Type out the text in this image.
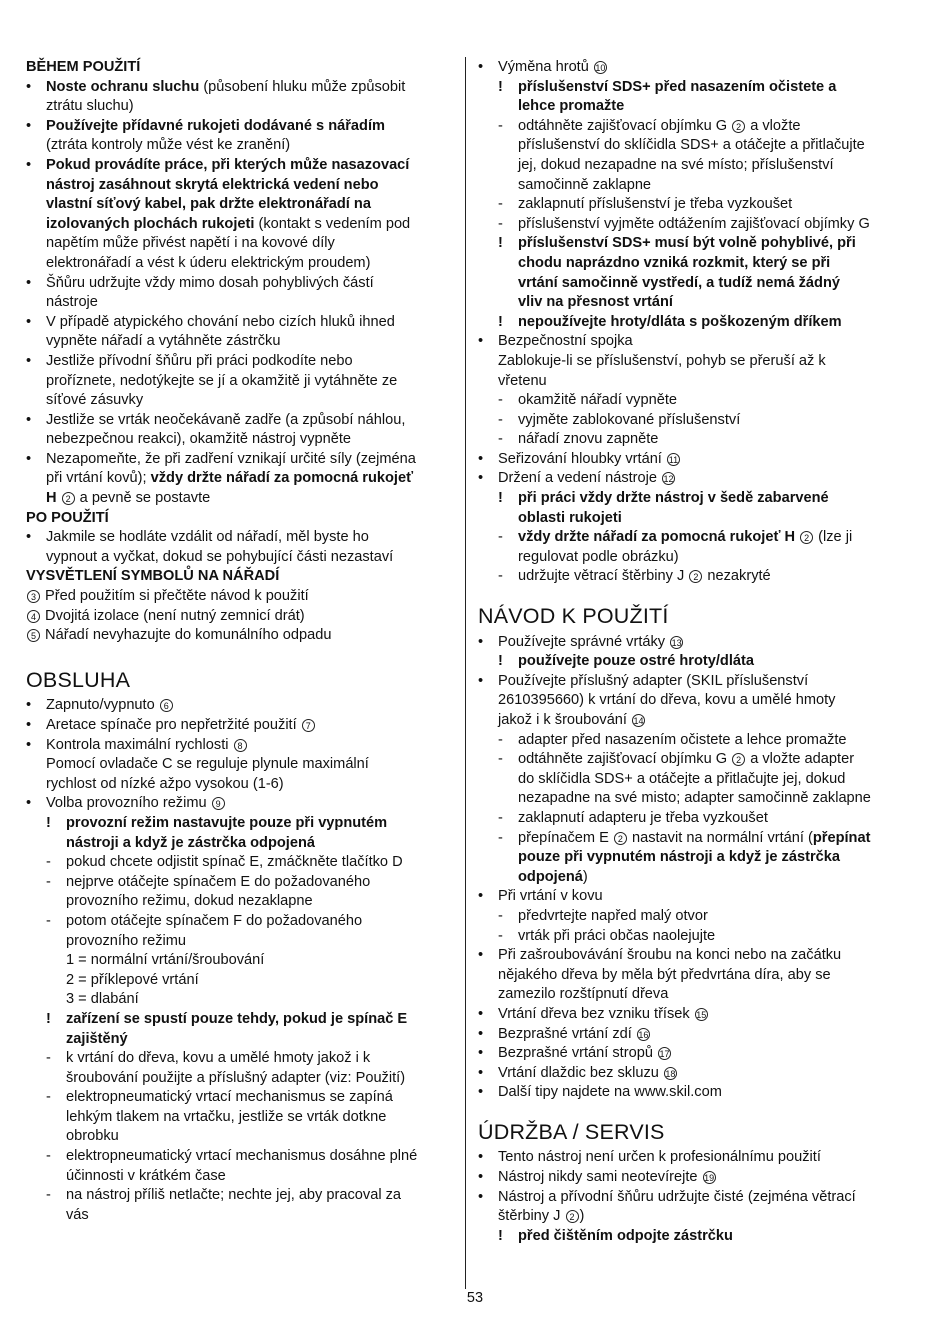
BĚHEM POUŽITÍ
• Noste ochranu sluchu (působení hluku může způsobit
ztrátu sluchu)
• Používejte přídavné rukojeti dodávané s nářadím
(ztráta kontroly může vést ke zranění)
• Pokud provádíte práce, při kterých může nasazovací
nástroj zasáhnout skrytá elektrická vedení nebo
vlastní síťový kabel, pak držte elektronářadí na
izolovaných plochách rukojeti (kontakt s vedením pod
napětím může přivést napětí i na kovové díly
elektronářadí a vést k úderu elektrickým proudem)
• Šňůru udržujte vždy mimo dosah pohyblivých částí
nástroje
• V případě atypického chování nebo cizích hluků ihned
vypněte nářadí a vytáhněte zástrčku
• Jestliže přívodní šňůru při práci podkodíte nebo
proříznete, nedotýkejte se jí a okamžitě ji vytáhněte ze
síťové zásuvky
• Jestliže se vrták neočekávaně zadře (a způsobí náhlou,
nebezpečnou reakci), okamžitě nástroj vypněte
• Nezapomeňte, že při zadření vznikají určité síly (zejména
při vrtání kovů); vždy držte nářadí za pomocná rukojeť
H 2 a pevně se postavte
PO POUŽITÍ
• Jakmile se hodláte vzdálit od nářadí, měl byste ho
vypnout a vyčkat, dokud se pohybující části nezastaví
VYSVĚTLENÍ SYMBOLŮ NA NÁŘADÍ
3 Před použitím si přečtěte návod k použití
4 Dvojitá izolace (není nutný zemnicí drát)
5 Nářadí nevyhazujte do komunálního odpadu
OBSLUHA
• Zapnuto/vypnuto 6
• Aretace spínače pro nepřetržité použití 7
• Kontrola maximální rychlosti 8
Pomocí ovladače C se reguluje plynule maximální
rychlost od nízké ažpo vysokou (1-6)
• Volba provozního režimu 9
! provozní režim nastavujte pouze při vypnutém
nástroji a když je zástrčka odpojená
- pokud chcete odjistit spínač E, zmáčkněte tlačítko D
- nejprve otáčejte spínačem E do požadovaného
provozního režimu, dokud nezaklapne
- potom otáčejte spínačem F do požadovaného
provozního režimu
1 = normální vrtání/šroubování
2 = příklepové vrtání
3 = dlabání
! zařízení se spustí pouze tehdy, pokud je spínač E
zajištěný
- k vrtání do dřeva, kovu a umělé hmoty jakož i k
šroubování použijte a příslušný adapter (viz: Použití)
- elektropneumatický vrtací mechanismus se zapíná
lehkým tlakem na vrtačku, jestliže se vrták dotkne
obrobku
- elektropneumatický vrtací mechanismus dosáhne plné
účinnosti v krátkém čase
- na nástroj příliš netlačte; nechte jej, aby pracoval za
vás
• Výměna hrotů 10
! příslušenství SDS+ před nasazením očistete a
lehce promažte
- odtáhněte zajišťovací objímku G 2 a vložte
příslušenství do sklíčidla SDS+ a otáčejte a přitlačujte
jej, dokud nezapadne na své místo; příslušenství
samočinně zaklapne
- zaklapnutí příslušenství je třeba vyzkoušet
- příslušenství vyjměte odtážením zajišťovací objímky G
! příslušenství SDS+ musí být volně pohyblivé, při
chodu naprázdno vzniká rozkmit, který se při
vrtání samočinně vystředí, a tudíž nemá žádný
vliv na přesnost vrtání
! nepoužívejte hroty/dláta s poškozeným dříkem
• Bezpečnostní spojka
Zablokuje-li se příslušenství, pohyb se přeruší až k
vřetenu
- okamžitě nářadí vypněte
- vyjměte zablokované příslušenství
- nářadí znovu zapněte
• Seřizování hloubky vrtání 11
• Držení a vedení nástroje 12
! při práci vždy držte nástroj v šedě zabarvené
oblasti rukojeti
- vždy držte nářadí za pomocná rukojeť H 2 (lze ji
regulovat podle obrázku)
- udržujte větrací štěrbiny J 2 nezakryté
NÁVOD K POUŽITÍ
• Používejte správné vrtáky 13
! používejte pouze ostré hroty/dláta
• Používejte příslušný adapter (SKIL příslušenství
2610395660) k vrtání do dřeva, kovu a umělé hmoty
jakož i k šroubování 14
- adapter před nasazením očistete a lehce promažte
- odtáhněte zajišťovací objímku G 2 a vložte adapter
do sklíčidla SDS+ a otáčejte a přitlačujte jej, dokud
nezapadne na své misto; adapter samočinně zaklapne
- zaklapnutí adapteru je třeba vyzkoušet
- přepínačem E 2 nastavit na normální vrtání (přepínat
pouze při vypnutém nástroji a když je zástrčka
odpojená)
• Při vrtání v kovu
- předvrtejte napřed malý otvor
- vrták při práci občas naolejujte
• Při zašroubovávání šroubu na konci nebo na začátku
nějakého dřeva by měla být předvrtána díra, aby se
zamezilo rozštípnutí dřeva
• Vrtání dřeva bez vzniku třísek 15
• Bezprašné vrtání zdí 16
• Bezprašné vrtání stropů 17
• Vrtání dlaždic bez skluzu 18
• Další tipy najdete na www.skil.com
ÚDRŽBA / SERVIS
• Tento nástroj není určen k profesionálnímu použití
• Nástroj nikdy sami neotevírejte 19
• Nástroj a přívodní šňůru udržujte čisté (zejména větrací
štěrbiny J 2 )
! před čištěním odpojte zástrčku
53
